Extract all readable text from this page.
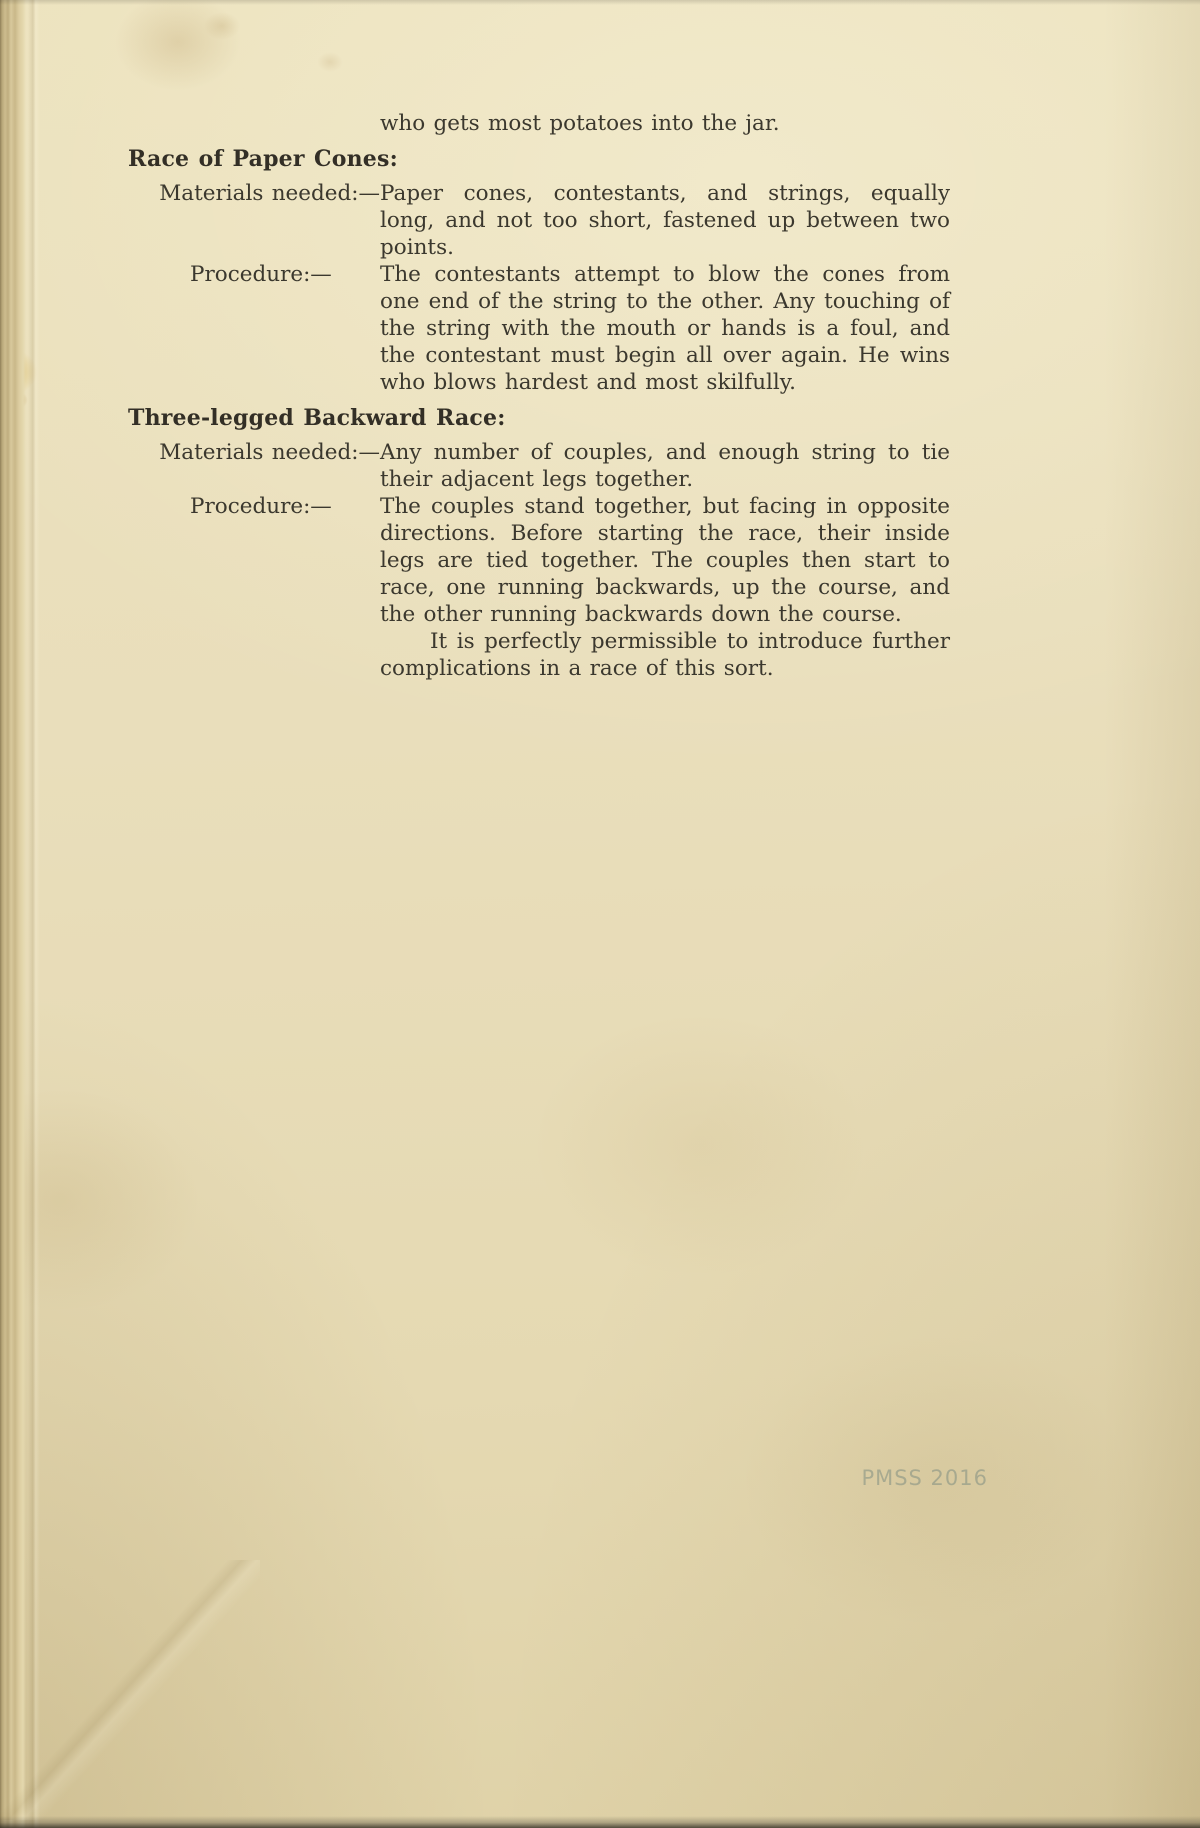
who gets most potatoes into the jar.

Race of Paper Cones:
Materials needed:— Paper cones, contestants, and strings, equally long, and not too short, fastened up between two points.
Procedure:— The contestants attempt to blow the cones from one end of the string to the other. Any touching of the string with the mouth or hands is a foul, and the contestant must begin all over again. He wins who blows hardest and most skilfully.
Three-legged Backward Race:
Materials needed:— Any number of couples, and enough string to tie their adjacent legs together.
Procedure:— The couples stand together, but facing in opposite directions. Before starting the race, their inside legs are tied together. The couples then start to race, one running backwards, up the course, and the other running backwards down the course.

It is perfectly permissible to introduce further complications in a race of this sort.

PMSS 2016
